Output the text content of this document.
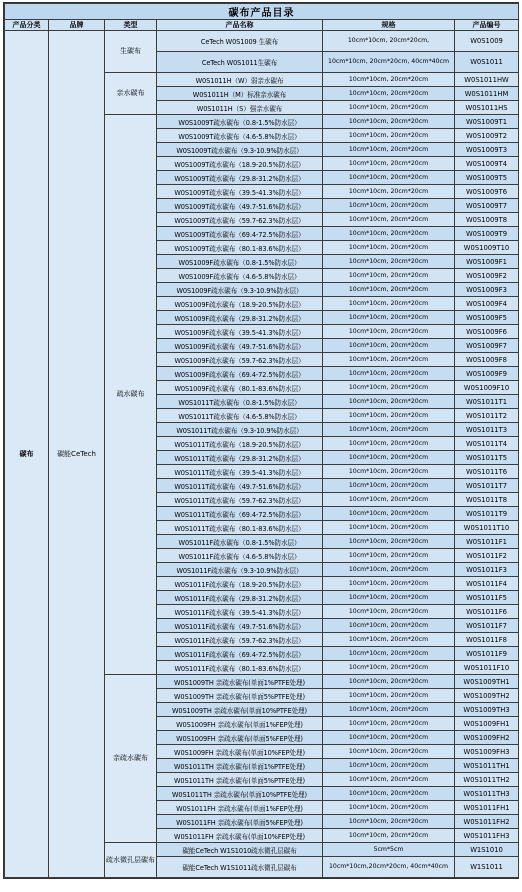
碳布产品目录					
产品分类	品牌	类型	产品名称	规格	产品编号
碳布	碳能CeTech	生碳布	CeTech W0S1009 生碳布	10cm*10cm, 20cm*20cm,	W0S1009
			CeTech W0S1011生碳布	10cm*10cm, 20cm*20cm, 40cm*40cm	W0S1011
		亲水碳布	W0S1011H（W）弱亲水碳布	10cm*10cm, 20cm*20cm	W0S1011HW
			W0S1011H（M）标准亲水碳布	10cm*10cm, 20cm*20cm	W0S1011HM
			W0S1011H（S）强亲水碳布	10cm*10cm, 20cm*20cm	W0S1011HS
		疏水碳布	W0S1009T疏水碳布（0.8-1.5%防水层）	10cm*10cm, 20cm*20cm	W0S1009T1
			W0S1009T疏水碳布（4.6-5.8%防水层）	10cm*10cm, 20cm*20cm	W0S1009T2
			W0S1009T疏水碳布（9.3-10.9%防水层）	10cm*10cm, 20cm*20cm	W0S1009T3
			W0S1009T疏水碳布（18.9-20.5%防水层）	10cm*10cm, 20cm*20cm	W0S1009T4
			W0S1009T疏水碳布（29.8-31.2%防水层）	10cm*10cm, 20cm*20cm	W0S1009T5
			W0S1009T疏水碳布（39.5-41.3%防水层）	10cm*10cm, 20cm*20cm	W0S1009T6
			W0S1009T疏水碳布（49.7-51.6%防水层）	10cm*10cm, 20cm*20cm	W0S1009T7
			W0S1009T疏水碳布（59.7-62.3%防水层）	10cm*10cm, 20cm*20cm	W0S1009T8
			W0S1009T疏水碳布（69.4-72.5%防水层）	10cm*10cm, 20cm*20cm	W0S1009T9
			W0S1009T疏水碳布（80.1-83.6%防水层）	10cm*10cm, 20cm*20cm	W0S1009T10
			W0S1009F疏水碳布（0.8-1.5%防水层）	10cm*10cm, 20cm*20cm	W0S1009F1
			W0S1009F疏水碳布（4.6-5.8%防水层）	10cm*10cm, 20cm*20cm	W0S1009F2
			W0S1009F疏水碳布（9.3-10.9%防水层）	10cm*10cm, 20cm*20cm	W0S1009F3
			W0S1009F疏水碳布（18.9-20.5%防水层）	10cm*10cm, 20cm*20cm	W0S1009F4
			W0S1009F疏水碳布（29.8-31.2%防水层）	10cm*10cm, 20cm*20cm	W0S1009F5
			W0S1009F疏水碳布（39.5-41.3%防水层）	10cm*10cm, 20cm*20cm	W0S1009F6
			W0S1009F疏水碳布（49.7-51.6%防水层）	10cm*10cm, 20cm*20cm	W0S1009F7
			W0S1009F疏水碳布（59.7-62.3%防水层）	10cm*10cm, 20cm*20cm	W0S1009F8
			W0S1009F疏水碳布（69.4-72.5%防水层）	10cm*10cm, 20cm*20cm	W0S1009F9
			W0S1009F疏水碳布（80.1-83.6%防水层）	10cm*10cm, 20cm*20cm	W0S1009F10
			W0S1011T疏水碳布（0.8-1.5%防水层）	10cm*10cm, 20cm*20cm	W0S1011T1
			W0S1011T疏水碳布（4.6-5.8%防水层）	10cm*10cm, 20cm*20cm	W0S1011T2
			W0S1011T疏水碳布（9.3-10.9%防水层）	10cm*10cm, 20cm*20cm	W0S1011T3
			W0S1011T疏水碳布（18.9-20.5%防水层）	10cm*10cm, 20cm*20cm	W0S1011T4
			W0S1011T疏水碳布（29.8-31.2%防水层）	10cm*10cm, 20cm*20cm	W0S1011T5
			W0S1011T疏水碳布（39.5-41.3%防水层）	10cm*10cm, 20cm*20cm	W0S1011T6
			W0S1011T疏水碳布（49.7-51.6%防水层）	10cm*10cm, 20cm*20cm	W0S1011T7
			W0S1011T疏水碳布（59.7-62.3%防水层）	10cm*10cm, 20cm*20cm	W0S1011T8
			W0S1011T疏水碳布（69.4-72.5%防水层）	10cm*10cm, 20cm*20cm	W0S1011T9
			W0S1011T疏水碳布（80.1-83.6%防水层）	10cm*10cm, 20cm*20cm	W0S1011T10
			W0S1011F疏水碳布（0.8-1.5%防水层）	10cm*10cm, 20cm*20cm	W0S1011F1
			W0S1011F疏水碳布（4.6-5.8%防水层）	10cm*10cm, 20cm*20cm	W0S1011F2
			W0S1011F疏水碳布（9.3-10.9%防水层）	10cm*10cm, 20cm*20cm	W0S1011F3
			W0S1011F疏水碳布（18.9-20.5%防水层）	10cm*10cm, 20cm*20cm	W0S1011F4
			W0S1011F疏水碳布（29.8-31.2%防水层）	10cm*10cm, 20cm*20cm	W0S1011F5
			W0S1011F疏水碳布（39.5-41.3%防水层）	10cm*10cm, 20cm*20cm	W0S1011F6
			W0S1011F疏水碳布（49.7-51.6%防水层）	10cm*10cm, 20cm*20cm	W0S1011F7
			W0S1011F疏水碳布（59.7-62.3%防水层）	10cm*10cm, 20cm*20cm	W0S1011F8
			W0S1011F疏水碳布（69.4-72.5%防水层）	10cm*10cm, 20cm*20cm	W0S1011F9
			W0S1011F疏水碳布（80.1-83.6%防水层）	10cm*10cm, 20cm*20cm	W0S1011F10
		亲疏水碳布	W0S1009TH 亲疏水碳布(单面1%PTFE处理)	10cm*10cm, 20cm*20cm	W0S1009TH1
			W0S1009TH 亲疏水碳布(单面5%PTFE处理)	10cm*10cm, 20cm*20cm	W0S1009TH2
			W0S1009TH 亲疏水碳布(单面10%PTFE处理)	10cm*10cm, 20cm*20cm	W0S1009TH3
			W0S1009FH 亲疏水碳布(单面1%FEP处理)	10cm*10cm, 20cm*20cm	W0S1009FH1
			W0S1009FH 亲疏水碳布(单面5%FEP处理)	10cm*10cm, 20cm*20cm	W0S1009FH2
			W0S1009FH 亲疏水碳布(单面10%FEP处理)	10cm*10cm, 20cm*20cm	W0S1009FH3
			W0S1011TH 亲疏水碳布(单面1%PTFE处理)	10cm*10cm, 20cm*20cm	W0S1011TH1
			W0S1011TH 亲疏水碳布(单面5%PTFE处理)	10cm*10cm, 20cm*20cm	W0S1011TH2
			W0S1011TH 亲疏水碳布(单面10%PTFE处理)	10cm*10cm, 20cm*20cm	W0S1011TH3
			W0S1011FH 亲疏水碳布(单面1%FEP处理)	10cm*10cm, 20cm*20cm	W0S1011FH1
			W0S1011FH 亲疏水碳布(单面5%FEP处理)	10cm*10cm, 20cm*20cm	W0S1011FH2
			W0S1011FH 亲疏水碳布(单面10%FEP处理)	10cm*10cm, 20cm*20cm	W0S1011FH3
		疏水微孔层碳布	碳能CeTech W1S1010疏水微孔层碳布	5cm*5cm	W1S1010
			碳能CeTech W1S1011疏水微孔层碳布	10cm*10cm,20cm*20cm, 40cm*40cm	W1S1011
